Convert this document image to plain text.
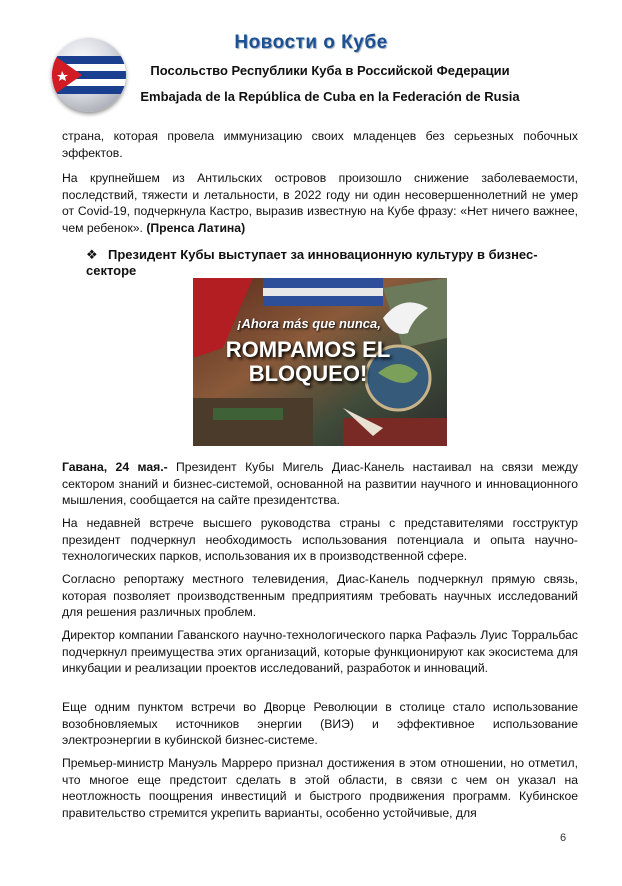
Новости о Кубе
Посольство Республики Куба в Российской Федерации
Embajada de la República de Cuba en la Federación de Rusia

страна, которая провела иммунизацию своих младенцев без серьезных побочных эффектов.

На крупнейшем из Антильских островов произошло снижение заболеваемости, последствий, тяжести и летальности, в 2022 году ни один несовершеннолетний не умер от Covid-19, подчеркнула Кастро, выразив известную на Кубе фразу: «Нет ничего важнее, чем ребенок». (Пренса Латина)

❖ Президент Кубы выступает за инновационную культуру в бизнес-секторе
¡Ahora más que nunca,
ROMPAMOS EL BLOQUEO!

Гавана, 24 мая.- Президент Кубы Мигель Диас-Канель настаивал на связи между сектором знаний и бизнес-системой, основанной на развитии научного и инновационного мышления, сообщается на сайте президентства.

На недавней встрече высшего руководства страны с представителями госструктур президент подчеркнул необходимость использования потенциала и опыта научно-технологических парков, использования их в производственной сфере.

Согласно репортажу местного телевидения, Диас-Канель подчеркнул прямую связь, которая позволяет производственным предприятиям требовать научных исследований для решения различных проблем.

Директор компании Гаванского научно-технологического парка Рафаэль Луис Торральбас подчеркнул преимущества этих организаций, которые функционируют как экосистема для инкубации и реализации проектов исследований, разработок и инноваций.

Еще одним пунктом встречи во Дворце Революции в столице стало использование возобновляемых источников энергии (ВИЭ) и эффективное использование электроэнергии в кубинской бизнес-системе.

Премьер-министр Мануэль Марреро признал достижения в этом отношении, но отметил, что многое еще предстоит сделать в этой области, в связи с чем он указал на неотложность поощрения инвестиций и быстрого продвижения программ. Кубинское правительство стремится укрепить варианты, особенно устойчивые, для

6
